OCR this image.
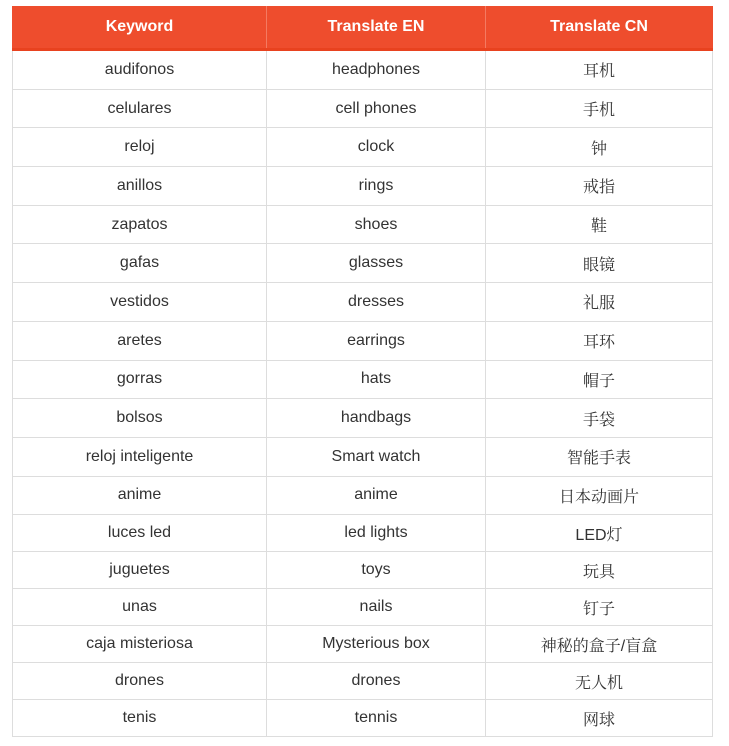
Keyword	Translate EN	Translate CN
audifonos	headphones	耳机
celulares	cell phones	手机
reloj	clock	钟
anillos	rings	戒指
zapatos	shoes	鞋
gafas	glasses	眼镜
vestidos	dresses	礼服
aretes	earrings	耳环
gorras	hats	帽子
bolsos	handbags	手袋
reloj inteligente	Smart watch	智能手表
anime	anime	日本动画片
luces led	led lights	LED灯
juguetes	toys	玩具
unas	nails	钉子
caja misteriosa	Mysterious box	神秘的盒子/盲盒
drones	drones	无人机
tenis	tennis	网球
